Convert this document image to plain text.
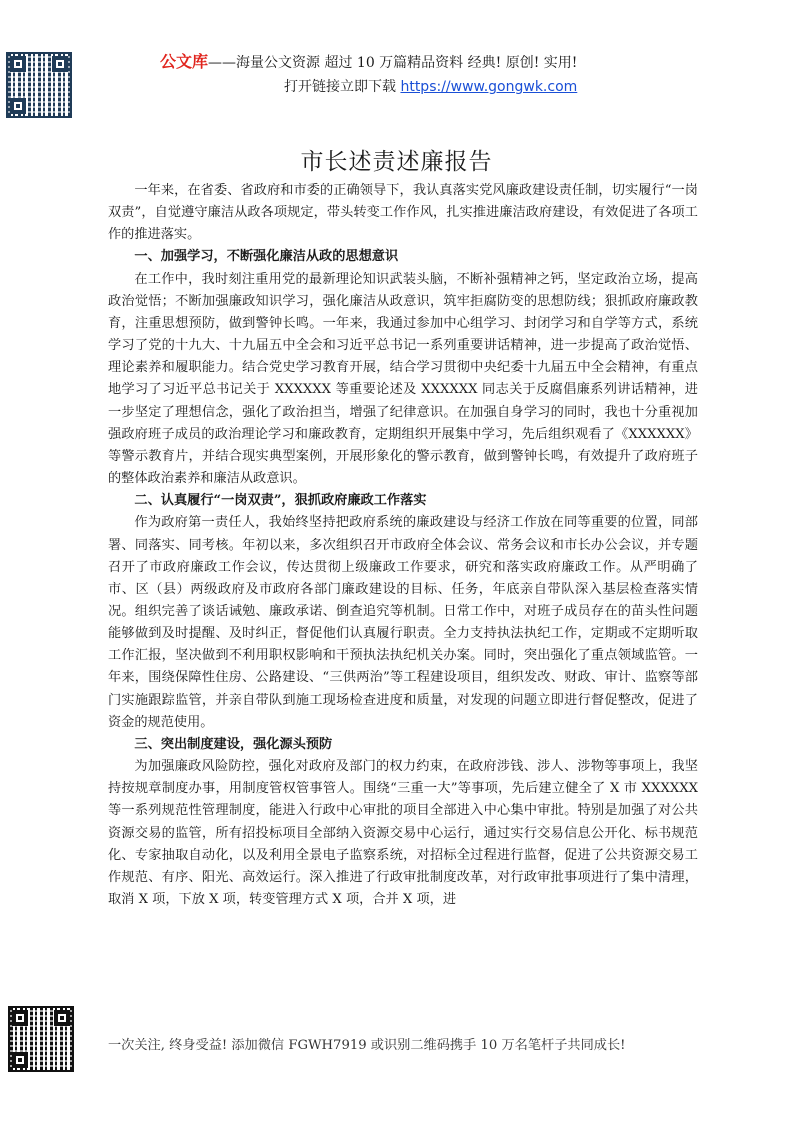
公文库——海量公文资源 超过 10 万篇精品资料 经典! 原创! 实用!
打开链接立即下载 https://www.gongwk.com
市长述责述廉报告

一年来，在省委、省政府和市委的正确领导下，我认真落实党风廉政建设责任制，切实履行“一岗双责”，自觉遵守廉洁从政各项规定，带头转变工作作风，扎实推进廉洁政府建设，有效促进了各项工作的推进落实。

一、加强学习，不断强化廉洁从政的思想意识

在工作中，我时刻注重用党的最新理论知识武装头脑，不断补强精神之钙，坚定政治立场，提高政治觉悟；不断加强廉政知识学习，强化廉洁从政意识，筑牢拒腐防变的思想防线；狠抓政府廉政教育，注重思想预防，做到警钟长鸣。一年来，我通过参加中心组学习、封闭学习和自学等方式，系统学习了党的十九大、十九届五中全会和习近平总书记一系列重要讲话精神，进一步提高了政治觉悟、理论素养和履职能力。结合党史学习教育开展，结合学习贯彻中央纪委十九届五中全会精神，有重点地学习了习近平总书记关于 XXXXXX 等重要论述及 XXXXXX 同志关于反腐倡廉系列讲话精神，进一步坚定了理想信念，强化了政治担当，增强了纪律意识。在加强自身学习的同时，我也十分重视加强政府班子成员的政治理论学习和廉政教育，定期组织开展集中学习，先后组织观看了《XXXXXX》等警示教育片，并结合现实典型案例，开展形象化的警示教育，做到警钟长鸣，有效提升了政府班子的整体政治素养和廉洁从政意识。

二、认真履行“一岗双责”，狠抓政府廉政工作落实

作为政府第一责任人，我始终坚持把政府系统的廉政建设与经济工作放在同等重要的位置，同部署、同落实、同考核。年初以来，多次组织召开市政府全体会议、常务会议和市长办公会议，并专题召开了市政府廉政工作会议，传达贯彻上级廉政工作要求，研究和落实政府廉政工作。从严明确了市、区（县）两级政府及市政府各部门廉政建设的目标、任务，年底亲自带队深入基层检查落实情况。组织完善了谈话诫勉、廉政承诺、倒查追究等机制。日常工作中，对班子成员存在的苗头性问题能够做到及时提醒、及时纠正，督促他们认真履行职责。全力支持执法执纪工作，定期或不定期听取工作汇报，坚决做到不利用职权影响和干预执法执纪机关办案。同时，突出强化了重点领域监管。一年来，围绕保障性住房、公路建设、“三供两治”等工程建设项目，组织发改、财政、审计、监察等部门实施跟踪监管，并亲自带队到施工现场检查进度和质量，对发现的问题立即进行督促整改，促进了资金的规范使用。

三、突出制度建设，强化源头预防

为加强廉政风险防控，强化对政府及部门的权力约束，在政府涉钱、涉人、涉物等事项上，我坚持按规章制度办事，用制度管权管事管人。围绕“三重一大”等事项，先后建立健全了 X 市 XXXXXX 等一系列规范性管理制度，能进入行政中心审批的项目全部进入中心集中审批。特别是加强了对公共资源交易的监管，所有招投标项目全部纳入资源交易中心运行，通过实行交易信息公开化、标书规范化、专家抽取自动化，以及利用全景电子监察系统，对招标全过程进行监督，促进了公共资源交易工作规范、有序、阳光、高效运行。深入推进了行政审批制度改革，对行政审批事项进行了集中清理，取消 X 项，下放 X 项，转变管理方式 X 项，合并 X 项，进

一次关注, 终身受益! 添加微信 FGWH7919 或识别二维码携手 10 万名笔杆子共同成长!
